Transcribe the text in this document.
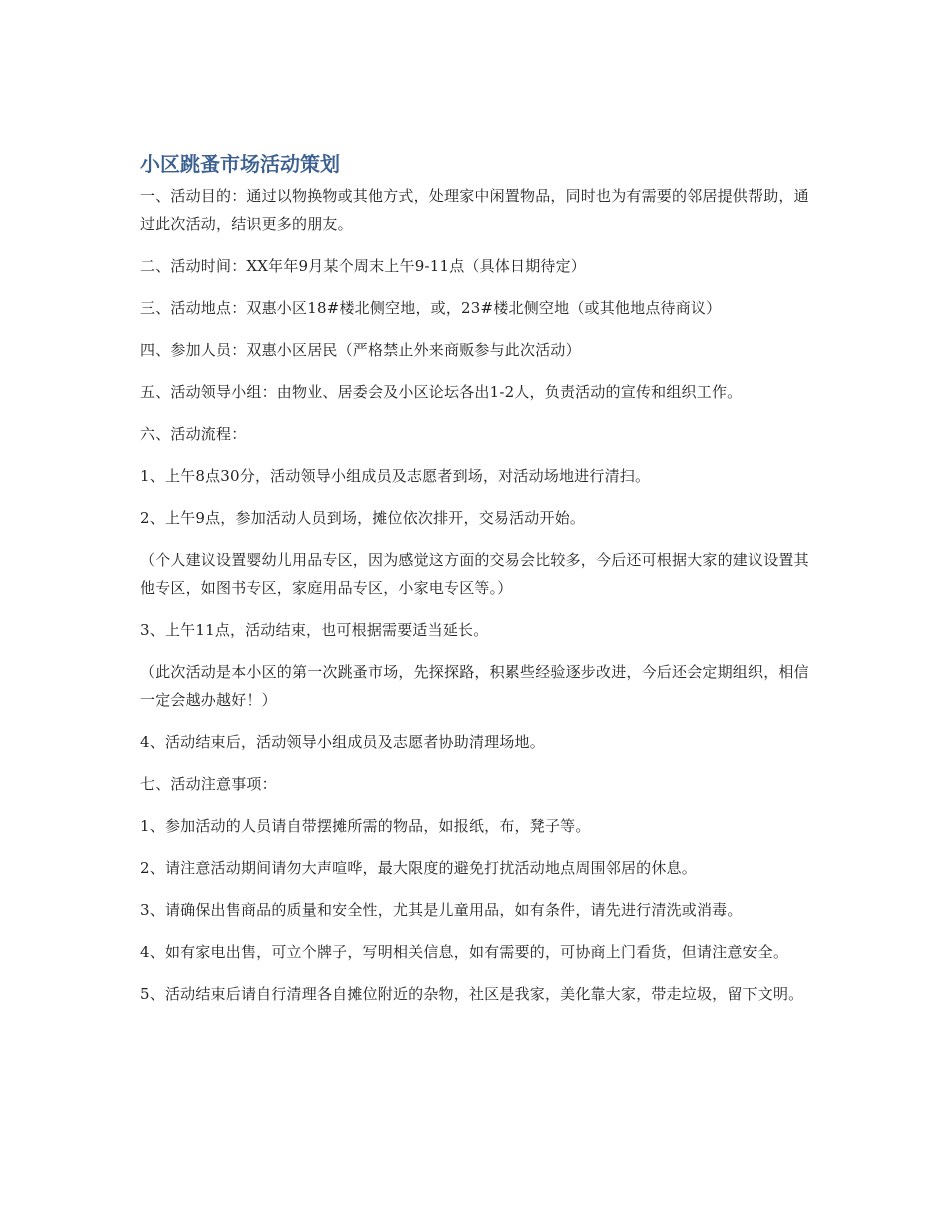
小区跳蚤市场活动策划

一、活动目的：通过以物换物或其他方式，处理家中闲置物品，同时也为有需要的邻居提供帮助，通过此次活动，结识更多的朋友。

二、活动时间：XX年年9月某个周末上午9-11点（具体日期待定）

三、活动地点：双惠小区18#楼北侧空地，或，23#楼北侧空地（或其他地点待商议）

四、参加人员：双惠小区居民（严格禁止外来商贩参与此次活动）

五、活动领导小组：由物业、居委会及小区论坛各出1-2人，负责活动的宣传和组织工作。

六、活动流程：

1、上午8点30分，活动领导小组成员及志愿者到场，对活动场地进行清扫。

2、上午9点，参加活动人员到场，摊位依次排开，交易活动开始。

（个人建议设置婴幼儿用品专区，因为感觉这方面的交易会比较多，今后还可根据大家的建议设置其他专区，如图书专区，家庭用品专区，小家电专区等。）

3、上午11点，活动结束，也可根据需要适当延长。

（此次活动是本小区的第一次跳蚤市场，先探探路，积累些经验逐步改进，今后还会定期组织，相信一定会越办越好！）

4、活动结束后，活动领导小组成员及志愿者协助清理场地。

七、活动注意事项：

1、参加活动的人员请自带摆摊所需的物品，如报纸，布，凳子等。

2、请注意活动期间请勿大声喧哗，最大限度的避免打扰活动地点周围邻居的休息。

3、请确保出售商品的质量和安全性，尤其是儿童用品，如有条件，请先进行清洗或消毒。

4、如有家电出售，可立个牌子，写明相关信息，如有需要的，可协商上门看货，但请注意安全。

5、活动结束后请自行清理各自摊位附近的杂物，社区是我家，美化靠大家，带走垃圾，留下文明。
